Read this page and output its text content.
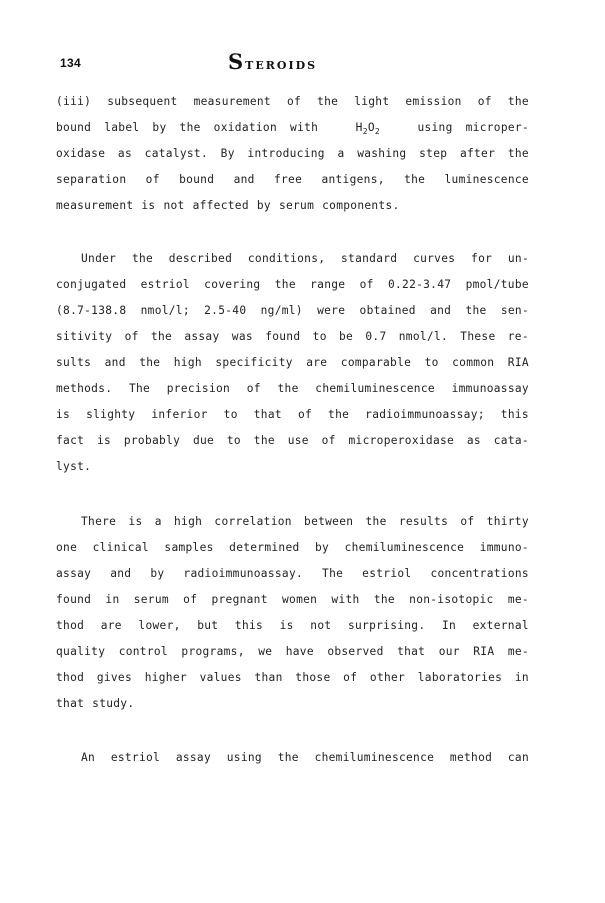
134	STEROIDS
(iii) subsequent measurement of the light emission of the
bound label by the oxidation with	$H_2O_2$	using microper-
oxidase as catalyst. By introducing a washing step after the
separation of bound and free antigens, the luminescence
measurement is not affected by serum components.
Under the described conditions, standard curves for un-
conjugated estriol covering the range of 0.22-3.47 pmol/tube
(8.7-138.8 nmol/l; 2.5-40 ng/ml) were obtained and the sen-
sitivity of the assay was found to be 0.7 nmol/l. These re-
sults and the high specificity are comparable to common RIA
methods. The precision of the chemiluminescence immunoassay
is slighty inferior to that of the radioimmunoassay; this
fact is probably due to the use of microperoxidase as cata-
lyst.
There is a high correlation between the results of thirty
one clinical samples determined by chemiluminescence immuno-
assay and by radioimmunoassay. The estriol concentrations
found in serum of pregnant women with the non-isotopic me-
thod are lower, but this is not surprising. In external
quality control programs, we have observed that our RIA me-
thod gives higher values than those of other laboratories in
that study.
An estriol assay using the chemiluminescence method can
